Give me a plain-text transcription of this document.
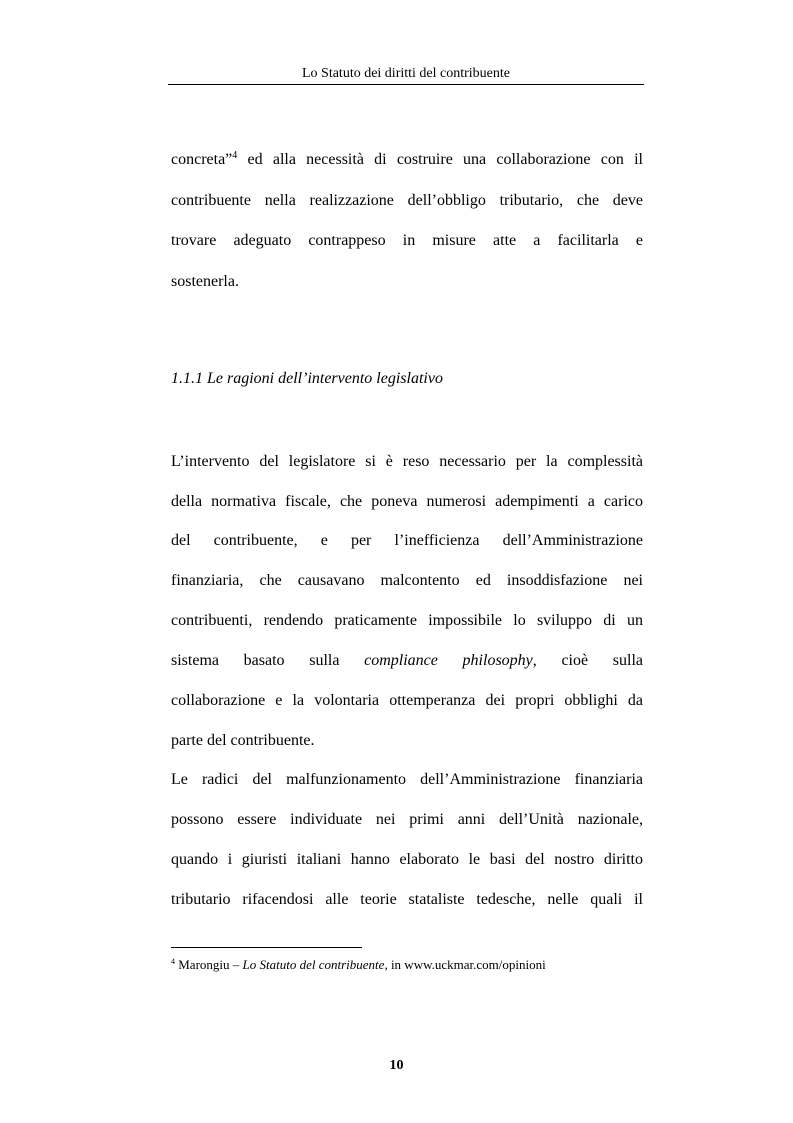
Lo Statuto dei diritti del contribuente
concreta”$^4$ ed alla necessità di costruire una collaborazione con il
contribuente nella realizzazione dell’obbligo tributario, che deve
trovare adeguato contrappeso in misure atte a facilitarla e
sostenerla.
1.1.1 Le ragioni dell’intervento legislativo
L’intervento del legislatore si è reso necessario per la complessità
della normativa fiscale, che poneva numerosi adempimenti a carico
del contribuente, e per l’inefficienza dell’Amministrazione
finanziaria, che causavano malcontento ed insoddisfazione nei
contribuenti, rendendo praticamente impossibile lo sviluppo di un
sistema basato sulla compliance philosophy, cioè sulla
collaborazione e la volontaria ottemperanza dei propri obblighi da
parte del contribuente.
Le radici del malfunzionamento dell’Amministrazione finanziaria
possono essere individuate nei primi anni dell’Unità nazionale,
quando i giuristi italiani hanno elaborato le basi del nostro diritto
tributario rifacendosi alle teorie stataliste tedesche, nelle quali il
$^4$ Marongiu – Lo Statuto del contribuente, in www.uckmar.com/opinioni
10
